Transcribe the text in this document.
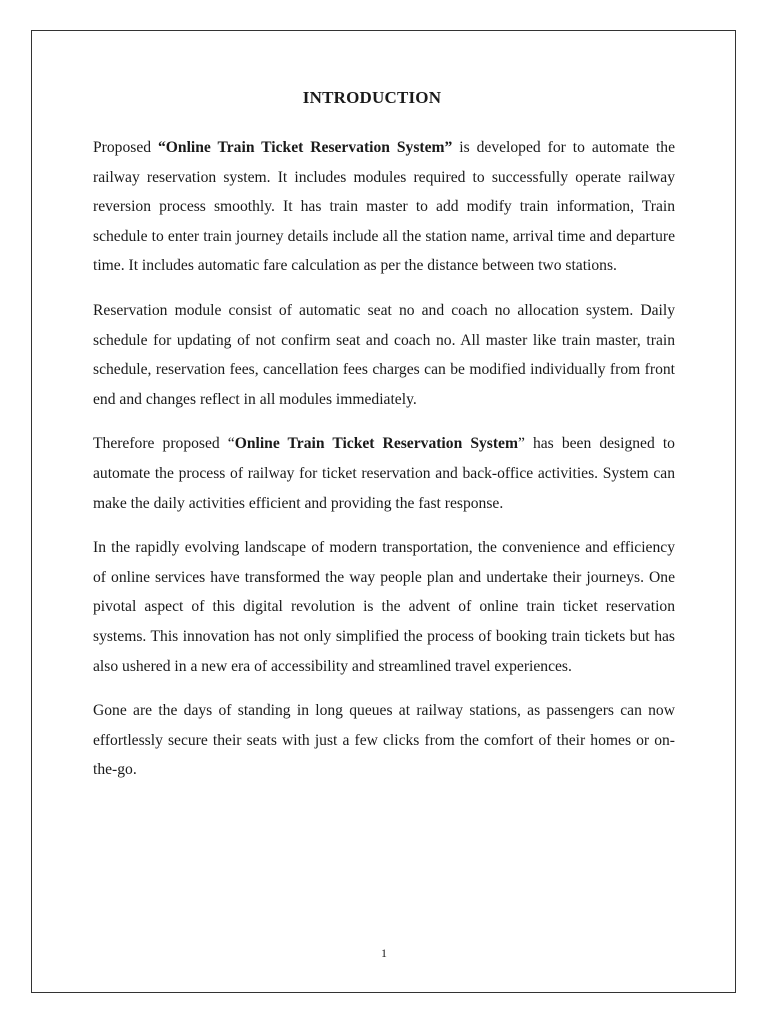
INTRODUCTION

Proposed “Online Train Ticket Reservation System” is developed for to automate the railway reservation system. It includes modules required to successfully operate railway reversion process smoothly. It has train master to add modify train information, Train schedule to enter train journey details include all the station name, arrival time and departure time. It includes automatic fare calculation as per the distance between two stations.

Reservation module consist of automatic seat no and coach no allocation system. Daily schedule for updating of not confirm seat and coach no. All master like train master, train schedule, reservation fees, cancellation fees charges can be modified individually from front end and changes reflect in all modules immediately.

Therefore proposed “Online Train Ticket Reservation System” has been designed to automate the process of railway for ticket reservation and back-office activities. System can make the daily activities efficient and providing the fast response.

In the rapidly evolving landscape of modern transportation, the convenience and efficiency of online services have transformed the way people plan and undertake their journeys. One pivotal aspect of this digital revolution is the advent of online train ticket reservation systems. This innovation has not only simplified the process of booking train tickets but has also ushered in a new era of accessibility and streamlined travel experiences.

Gone are the days of standing in long queues at railway stations, as passengers can now effortlessly secure their seats with just a few clicks from the comfort of their homes or on-the-go.

1
